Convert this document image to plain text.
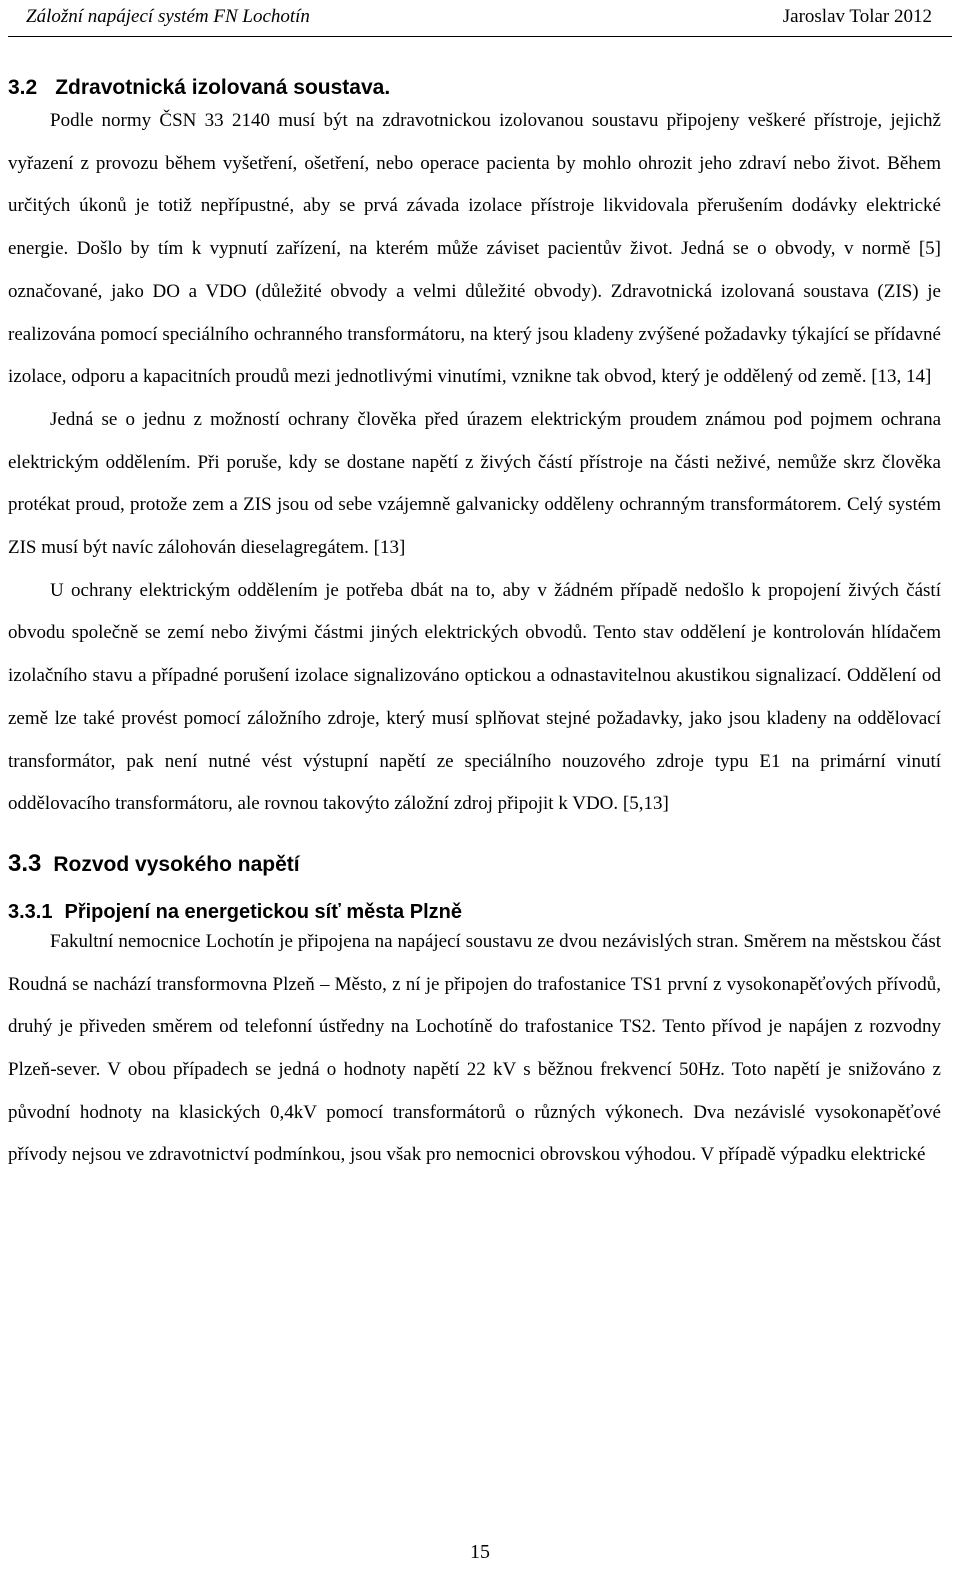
Záložní napájecí systém FN Lochotín	Jaroslav Tolar 2012
3.2 Zdravotnická izolovaná soustava.

Podle normy ČSN 33 2140 musí být na zdravotnickou izolovanou soustavu připojeny veškeré přístroje, jejichž vyřazení z provozu během vyšetření, ošetření, nebo operace pacienta by mohlo ohrozit jeho zdraví nebo život. Během určitých úkonů je totiž nepřípustné, aby se prvá závada izolace přístroje likvidovala přerušením dodávky elektrické energie. Došlo by tím k vypnutí zařízení, na kterém může záviset pacientův život. Jedná se o obvody, v normě [5] označované, jako DO a VDO (důležité obvody a velmi důležité obvody). Zdravotnická izolovaná soustava (ZIS) je realizována pomocí speciálního ochranného transformátoru, na který jsou kladeny zvýšené požadavky týkající se přídavné izolace, odporu a kapacitních proudů mezi jednotlivými vinutími, vznikne tak obvod, který je oddělený od země. [13, 14]

Jedná se o jednu z možností ochrany člověka před úrazem elektrickým proudem známou pod pojmem ochrana elektrickým oddělením. Při poruše, kdy se dostane napětí z živých částí přístroje na části neživé, nemůže skrz člověka protékat proud, protože zem a ZIS jsou od sebe vzájemně galvanicky odděleny ochranným transformátorem. Celý systém ZIS musí být navíc zálohován dieselagregátem. [13]

U ochrany elektrickým oddělením je potřeba dbát na to, aby v žádném případě nedošlo k propojení živých částí obvodu společně se zemí nebo živými částmi jiných elektrických obvodů. Tento stav oddělení je kontrolován hlídačem izolačního stavu a případné porušení izolace signalizováno optickou a odnastavitelnou akustikou signalizací. Oddělení od země lze také provést pomocí záložního zdroje, který musí splňovat stejné požadavky, jako jsou kladeny na oddělovací transformátor, pak není nutné vést výstupní napětí ze speciálního nouzového zdroje typu E1 na primární vinutí oddělovacího transformátoru, ale rovnou takovýto záložní zdroj připojit k VDO. [5,13]

3.3 Rozvod vysokého napětí
3.3.1 Připojení na energetickou síť města Plzně

Fakultní nemocnice Lochotín je připojena na napájecí soustavu ze dvou nezávislých stran. Směrem na městskou část Roudná se nachází transformovna Plzeň – Město, z ní je připojen do trafostanice TS1 první z vysokonapěťových přívodů, druhý je přiveden směrem od telefonní ústředny na Lochotíně do trafostanice TS2. Tento přívod je napájen z rozvodny Plzeň-sever. V obou případech se jedná o hodnoty napětí 22 kV s běžnou frekvencí 50Hz. Toto napětí je snižováno z původní hodnoty na klasických 0,4kV pomocí transformátorů o různých výkonech. Dva nezávislé vysokonapěťové přívody nejsou ve zdravotnictví podmínkou, jsou však pro nemocnici obrovskou výhodou. V případě výpadku elektrické

15
